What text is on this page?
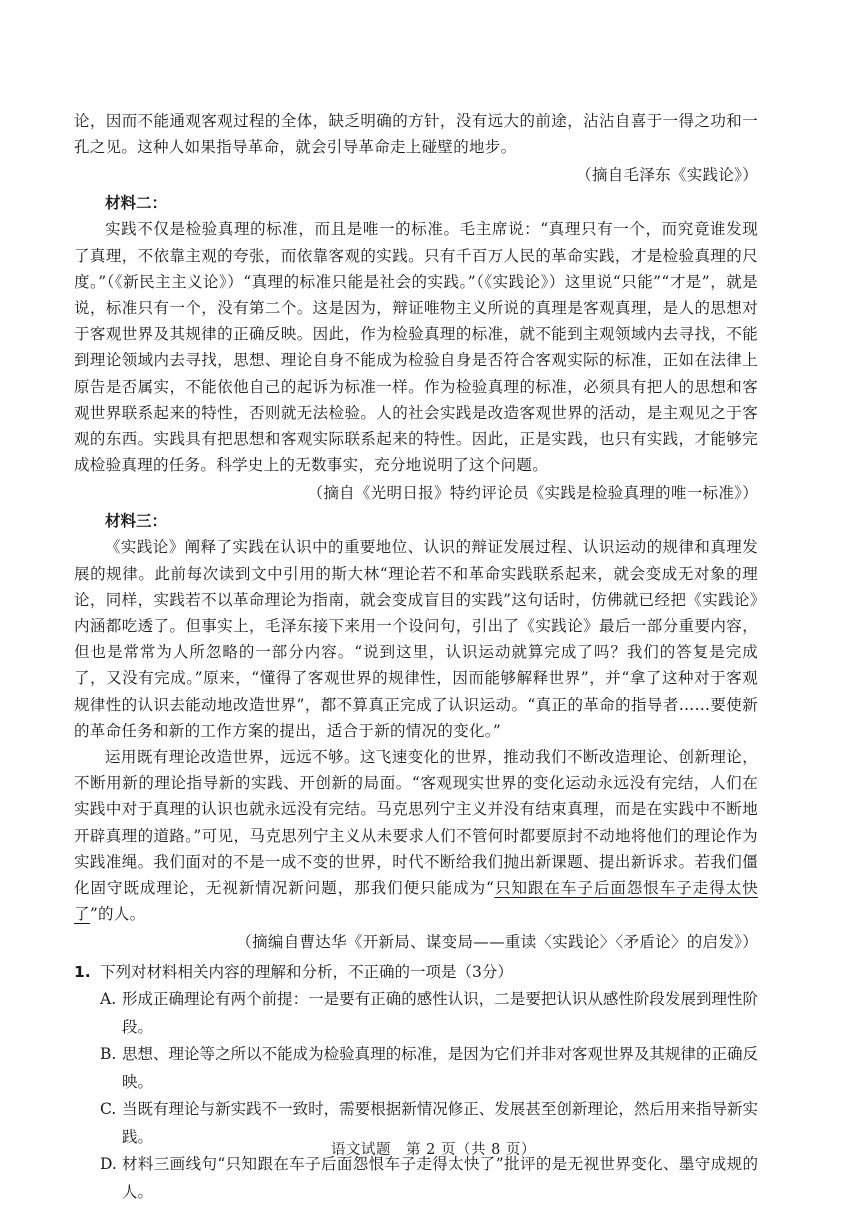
论，因而不能通观客观过程的全体，缺乏明确的方针，没有远大的前途，沾沾自喜于一得之功和一孔之见。这种人如果指导革命，就会引导革命走上碰壁的地步。

（摘自毛泽东《实践论》）

材料二：

实践不仅是检验真理的标准，而且是唯一的标准。毛主席说：“真理只有一个，而究竟谁发现了真理，不依靠主观的夸张，而依靠客观的实践。只有千百万人民的革命实践，才是检验真理的尺度。”（《新民主主义论》）“真理的标准只能是社会的实践。”（《实践论》）这里说“只能”“才是”，就是说，标准只有一个，没有第二个。这是因为，辩证唯物主义所说的真理是客观真理，是人的思想对于客观世界及其规律的正确反映。因此，作为检验真理的标准，就不能到主观领域内去寻找，不能到理论领域内去寻找，思想、理论自身不能成为检验自身是否符合客观实际的标准，正如在法律上原告是否属实，不能依他自己的起诉为标准一样。作为检验真理的标准，必须具有把人的思想和客观世界联系起来的特性，否则就无法检验。人的社会实践是改造客观世界的活动，是主观见之于客观的东西。实践具有把思想和客观实际联系起来的特性。因此，正是实践，也只有实践，才能够完成检验真理的任务。科学史上的无数事实，充分地说明了这个问题。

（摘自《光明日报》特约评论员《实践是检验真理的唯一标准》）

材料三：

《实践论》阐释了实践在认识中的重要地位、认识的辩证发展过程、认识运动的规律和真理发展的规律。此前每次读到文中引用的斯大林“理论若不和革命实践联系起来，就会变成无对象的理论，同样，实践若不以革命理论为指南，就会变成盲目的实践”这句话时，仿佛就已经把《实践论》内涵都吃透了。但事实上，毛泽东接下来用一个设问句，引出了《实践论》最后一部分重要内容，但也是常常为人所忽略的一部分内容。“说到这里，认识运动就算完成了吗？我们的答复是完成了，又没有完成。”原来，“懂得了客观世界的规律性，因而能够解释世界”，并“拿了这种对于客观规律性的认识去能动地改造世界”，都不算真正完成了认识运动。“真正的革命的指导者……要使新的革命任务和新的工作方案的提出，适合于新的情况的变化。”

运用既有理论改造世界，远远不够。这飞速变化的世界，推动我们不断改造理论、创新理论，不断用新的理论指导新的实践、开创新的局面。“客观现实世界的变化运动永远没有完结，人们在实践中对于真理的认识也就永远没有完结。马克思列宁主义并没有结束真理，而是在实践中不断地开辟真理的道路。”可见，马克思列宁主义从未要求人们不管何时都要原封不动地将他们的理论作为实践准绳。我们面对的不是一成不变的世界，时代不断给我们抛出新课题、提出新诉求。若我们僵化固守既成理论，无视新情况新问题，那我们便只能成为“只知跟在车子后面怨恨车子走得太快了”的人。

（摘编自曹达华《开新局、谋变局——重读〈实践论〉〈矛盾论〉的启发》）

1. 下列对材料相关内容的理解和分析，不正确的一项是（3分）
A. 形成正确理论有两个前提：一是要有正确的感性认识，二是要把认识从感性阶段发展到理性阶段。
B. 思想、理论等之所以不能成为检验真理的标准，是因为它们并非对客观世界及其规律的正确反映。
C. 当既有理论与新实践不一致时，需要根据新情况修正、发展甚至创新理论，然后用来指导新实践。
D. 材料三画线句“只知跟在车子后面怨恨车子走得太快了”批评的是无视世界变化、墨守成规的人。
语文试题　第 2 页（共 8 页）
